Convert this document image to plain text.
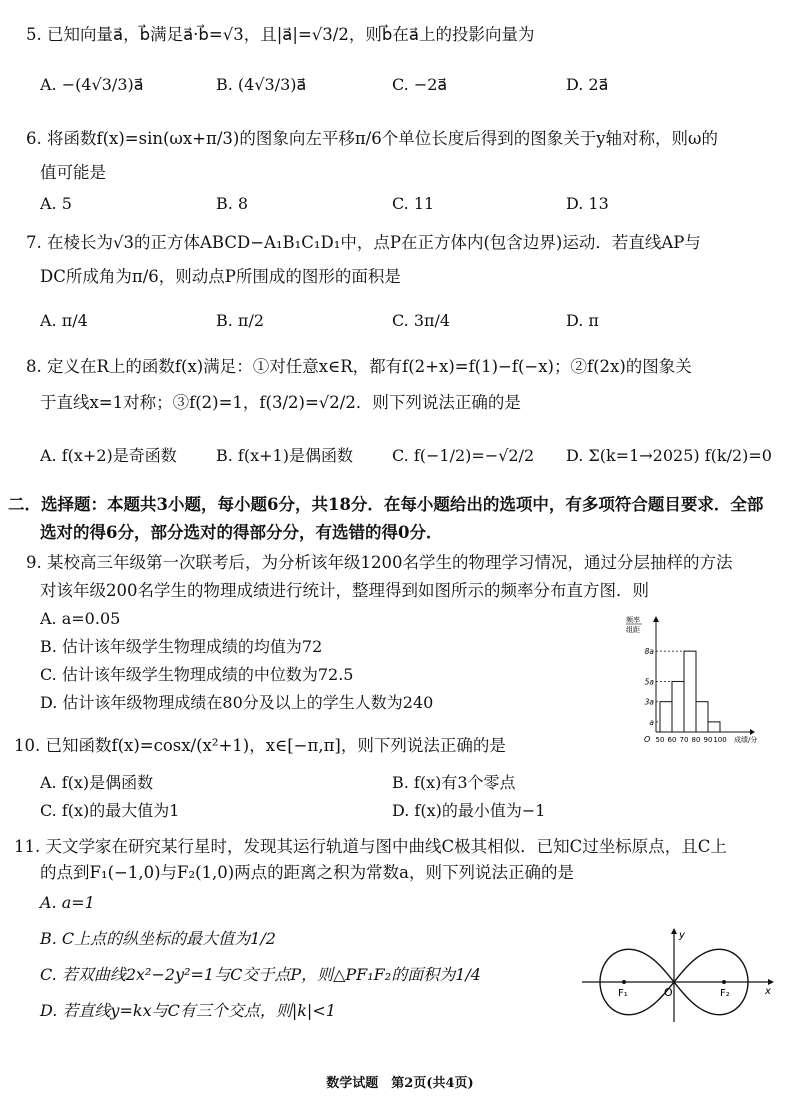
5. 已知向量a⃗，b⃗满足a⃗·b⃗=√3，且|a⃗|=√3/2，则b⃗在a⃗上的投影向量为
A. −(4√3/3)a⃗	B. (4√3/3)a⃗	C. −2a⃗	D. 2a⃗
6. 将函数f(x)=sin(ωx+π/3)的图象向左平移π/6个单位长度后得到的图象关于y轴对称，则ω的
值可能是
A. 5	B. 8	C. 11	D. 13
7. 在棱长为√3的正方体ABCD−A₁B₁C₁D₁中，点P在正方体内(包含边界)运动．若直线AP与
DC所成角为π/6，则动点P所围成的图形的面积是
A. π/4	B. π/2	C. 3π/4	D. π
8. 定义在R上的函数f(x)满足：①对任意x∈R，都有f(2+x)=f(1)−f(−x)；②f(2x)的图象关
于直线x=1对称；③f(2)=1，f(3/2)=√2/2．则下列说法正确的是
A. f(x+2)是奇函数 B. f(x+1)是偶函数 C. f(−1/2)=−√2/2 D. Σ(k=1→2025) f(k/2)=0
二．选择题：本题共3小题，每小题6分，共18分．在每小题给出的选项中，有多项符合题目要求．全部
选对的得6分，部分选对的得部分分，有选错的得0分．
9. 某校高三年级第一次联考后，为分析该年级1200名学生的物理学习情况，通过分层抽样的方法
对该年级200名学生的物理成绩进行统计，整理得到如图所示的频率分布直方图．则
A. a=0.05
B. 估计该年级学生物理成绩的均值为72
C. 估计该年级学生物理成绩的中位数为72.5
D. 估计该年级物理成绩在80分及以上的学生人数为240
频率
组距
a
3a
5a
8a
50 60 70 80 90 100
O	成绩/分
10. 已知函数f(x)=cosx/(x²+1)，x∈[−π,π]，则下列说法正确的是
A. f(x)是偶函数	B. f(x)有3个零点
C. f(x)的最大值为1	D. f(x)的最小值为−1
11. 天文学家在研究某行星时，发现其运行轨道与图中曲线C极其相似．已知C过坐标原点，且C上
的点到F₁(−1,0)与F₂(1,0)两点的距离之积为常数a，则下列说法正确的是
A. a=1
B. C上点的纵坐标的最大值为1/2
C. 若双曲线2x²−2y²=1与C交于点P，则△PF₁F₂的面积为1/4
D. 若直线y=kx与C有三个交点，则|k|<1
F₁	F₂
O
y
x
数学试题　第2页(共4页)
